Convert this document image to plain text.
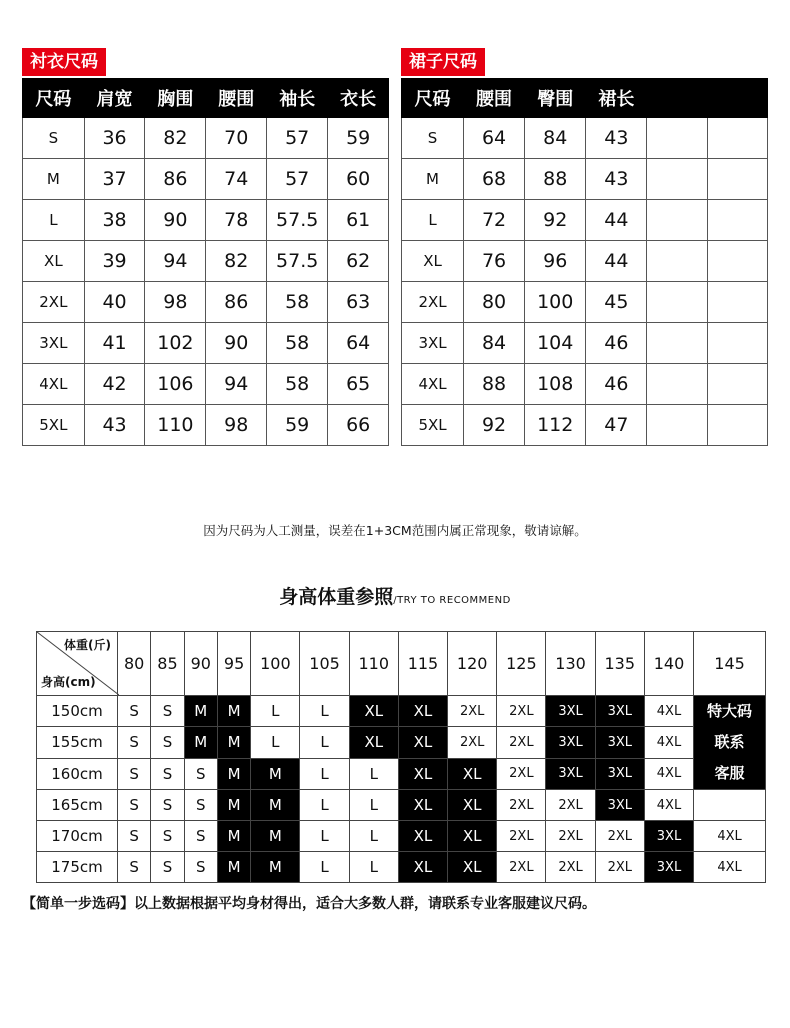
衬衣尺码
尺码	肩宽	胸围	腰围	袖长	衣长
S	36	82	70	57	59
M	37	86	74	57	60
L	38	90	78	57.5	61
XL	39	94	82	57.5	62
2XL	40	98	86	58	63
3XL	41	102	90	58	64
4XL	42	106	94	58	65
5XL	43	110	98	59	66
裙子尺码
尺码	腰围	臀围	裙长		
S	64	84	43		
M	68	88	43		
L	72	92	44		
XL	76	96	44		
2XL	80	100	45		
3XL	84	104	46		
4XL	88	108	46		
5XL	92	112	47		
因为尺码为人工测量，误差在1+3CM范围内属正常现象，敬请谅解。
身高体重参照/TRY TO RECOMMEND
体重(斤)
身高(cm)	80	85	90	95	100	105	110	115	120	125	130	135	140	145
150cm	S	S	M	M	L	L	XL	XL	2XL	2XL	3XL	3XL	4XL	特大码
联系
客服

155cm	S	S	M	M	L	L	XL	XL	2XL	2XL	3XL	3XL	4XL	
160cm	S	S	S	M	M	L	L	XL	XL	2XL	3XL	3XL	4XL	
165cm	S	S	S	M	M	L	L	XL	XL	2XL	2XL	3XL	4XL	
170cm	S	S	S	M	M	L	L	XL	XL	2XL	2XL	2XL	3XL	4XL
175cm	S	S	S	M	M	L	L	XL	XL	2XL	2XL	2XL	3XL	4XL
【简单一步选码】以上数据根据平均身材得出，适合大多数人群，请联系专业客服建议尺码。
